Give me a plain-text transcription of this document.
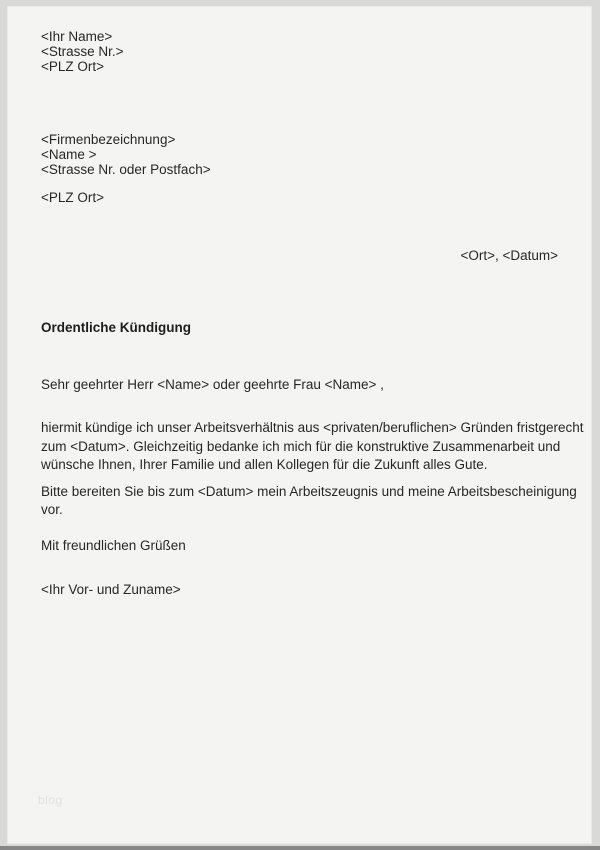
<Ihr Name>
<Strasse Nr.>
<PLZ Ort>
<Firmenbezeichnung>
<Name >
<Strasse Nr. oder Postfach>
<PLZ Ort>
<Ort>, <Datum>
Ordentliche Kündigung
Sehr geehrter Herr <Name> oder geehrte Frau <Name> ,
hiermit kündige ich unser Arbeitsverhältnis aus <privaten/beruflichen> Gründen fristgerecht
zum <Datum>. Gleichzeitig bedanke ich mich für die konstruktive Zusammenarbeit und
wünsche Ihnen, Ihrer Familie und allen Kollegen für die Zukunft alles Gute.
Bitte bereiten Sie bis zum <Datum> mein Arbeitszeugnis und meine Arbeitsbescheinigung
vor.
Mit freundlichen Grüßen
<Ihr Vor- und Zuname>
blog
